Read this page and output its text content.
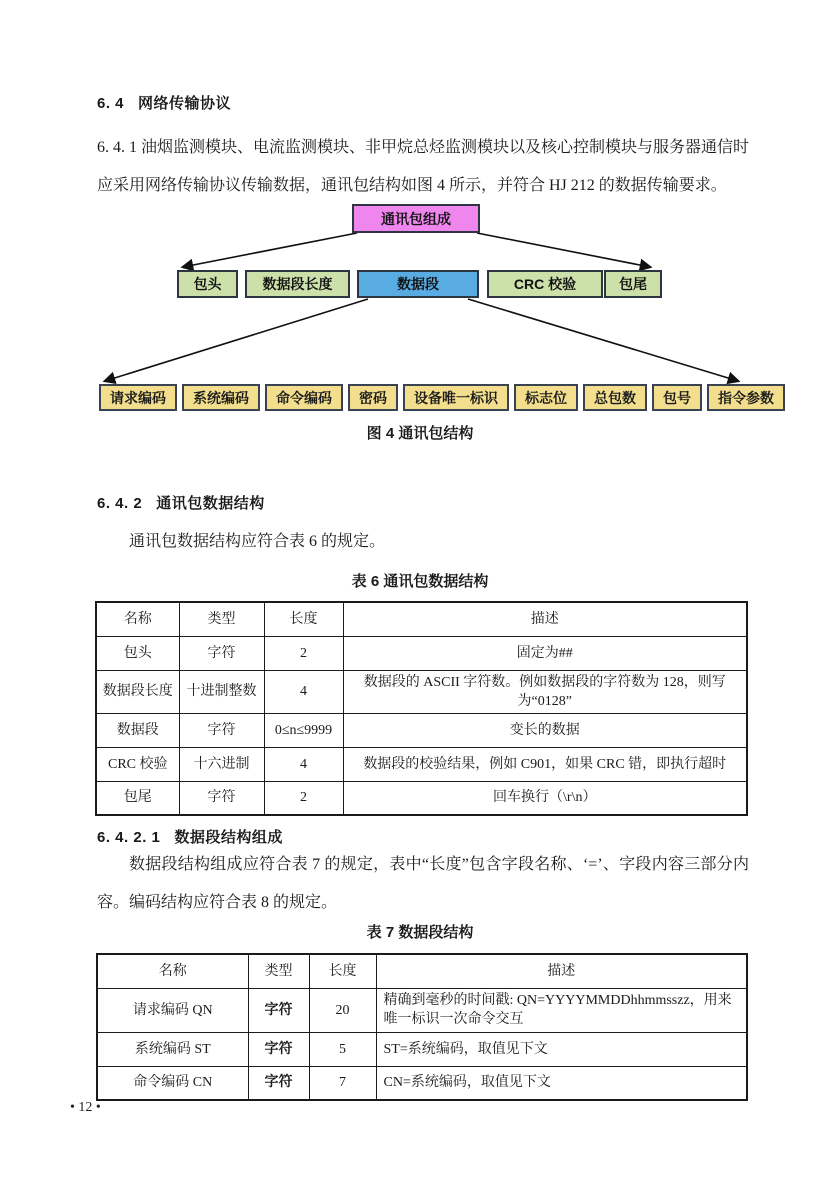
6. 4 网络传输协议
6. 4. 1 油烟监测模块、电流监测模块、非甲烷总烃监测模块以及核心控制模块与服务器通信时应采用网络传输协议传输数据，通讯包结构如图 4 所示，并符合 HJ 212 的数据传输要求。
通讯包组成
包头	数据段长度	数据段	CRC 校验	包尾
请求编码	系统编码	命令编码	密码	设备唯一标识	标志位	总包数	包号	指令参数
图 4 通讯包结构
6. 4. 2 通讯包数据结构
通讯包数据结构应符合表 6 的规定。
表 6 通讯包数据结构
名称	类型	长度	描述
包头	字符	2	固定为##
数据段长度	十进制整数	4	数据段的 ASCII 字符数。例如数据段的字符数为 128，则写为“0128”
数据段	字符	0≤n≤9999	变长的数据
CRC 校验	十六进制	4	数据段的校验结果，例如 C901，如果 CRC 错，即执行超时
包尾	字符	2	回车换行（\r\n）
6. 4. 2. 1 数据段结构组成
数据段结构组成应符合表 7 的规定，表中“长度”包含字段名称、‘=’、字段内容三部分内容。编码结构应符合表 8 的规定。
表 7 数据段结构
名称	类型	长度	描述
请求编码 QN	字符	20	精确到毫秒的时间戳: QN=YYYYMMDDhhmmsszz，用来唯一标识一次命令交互
系统编码 ST	字符	5	ST=系统编码，取值见下文
命令编码 CN	字符	7	CN=系统编码，取值见下文
• 12 •
